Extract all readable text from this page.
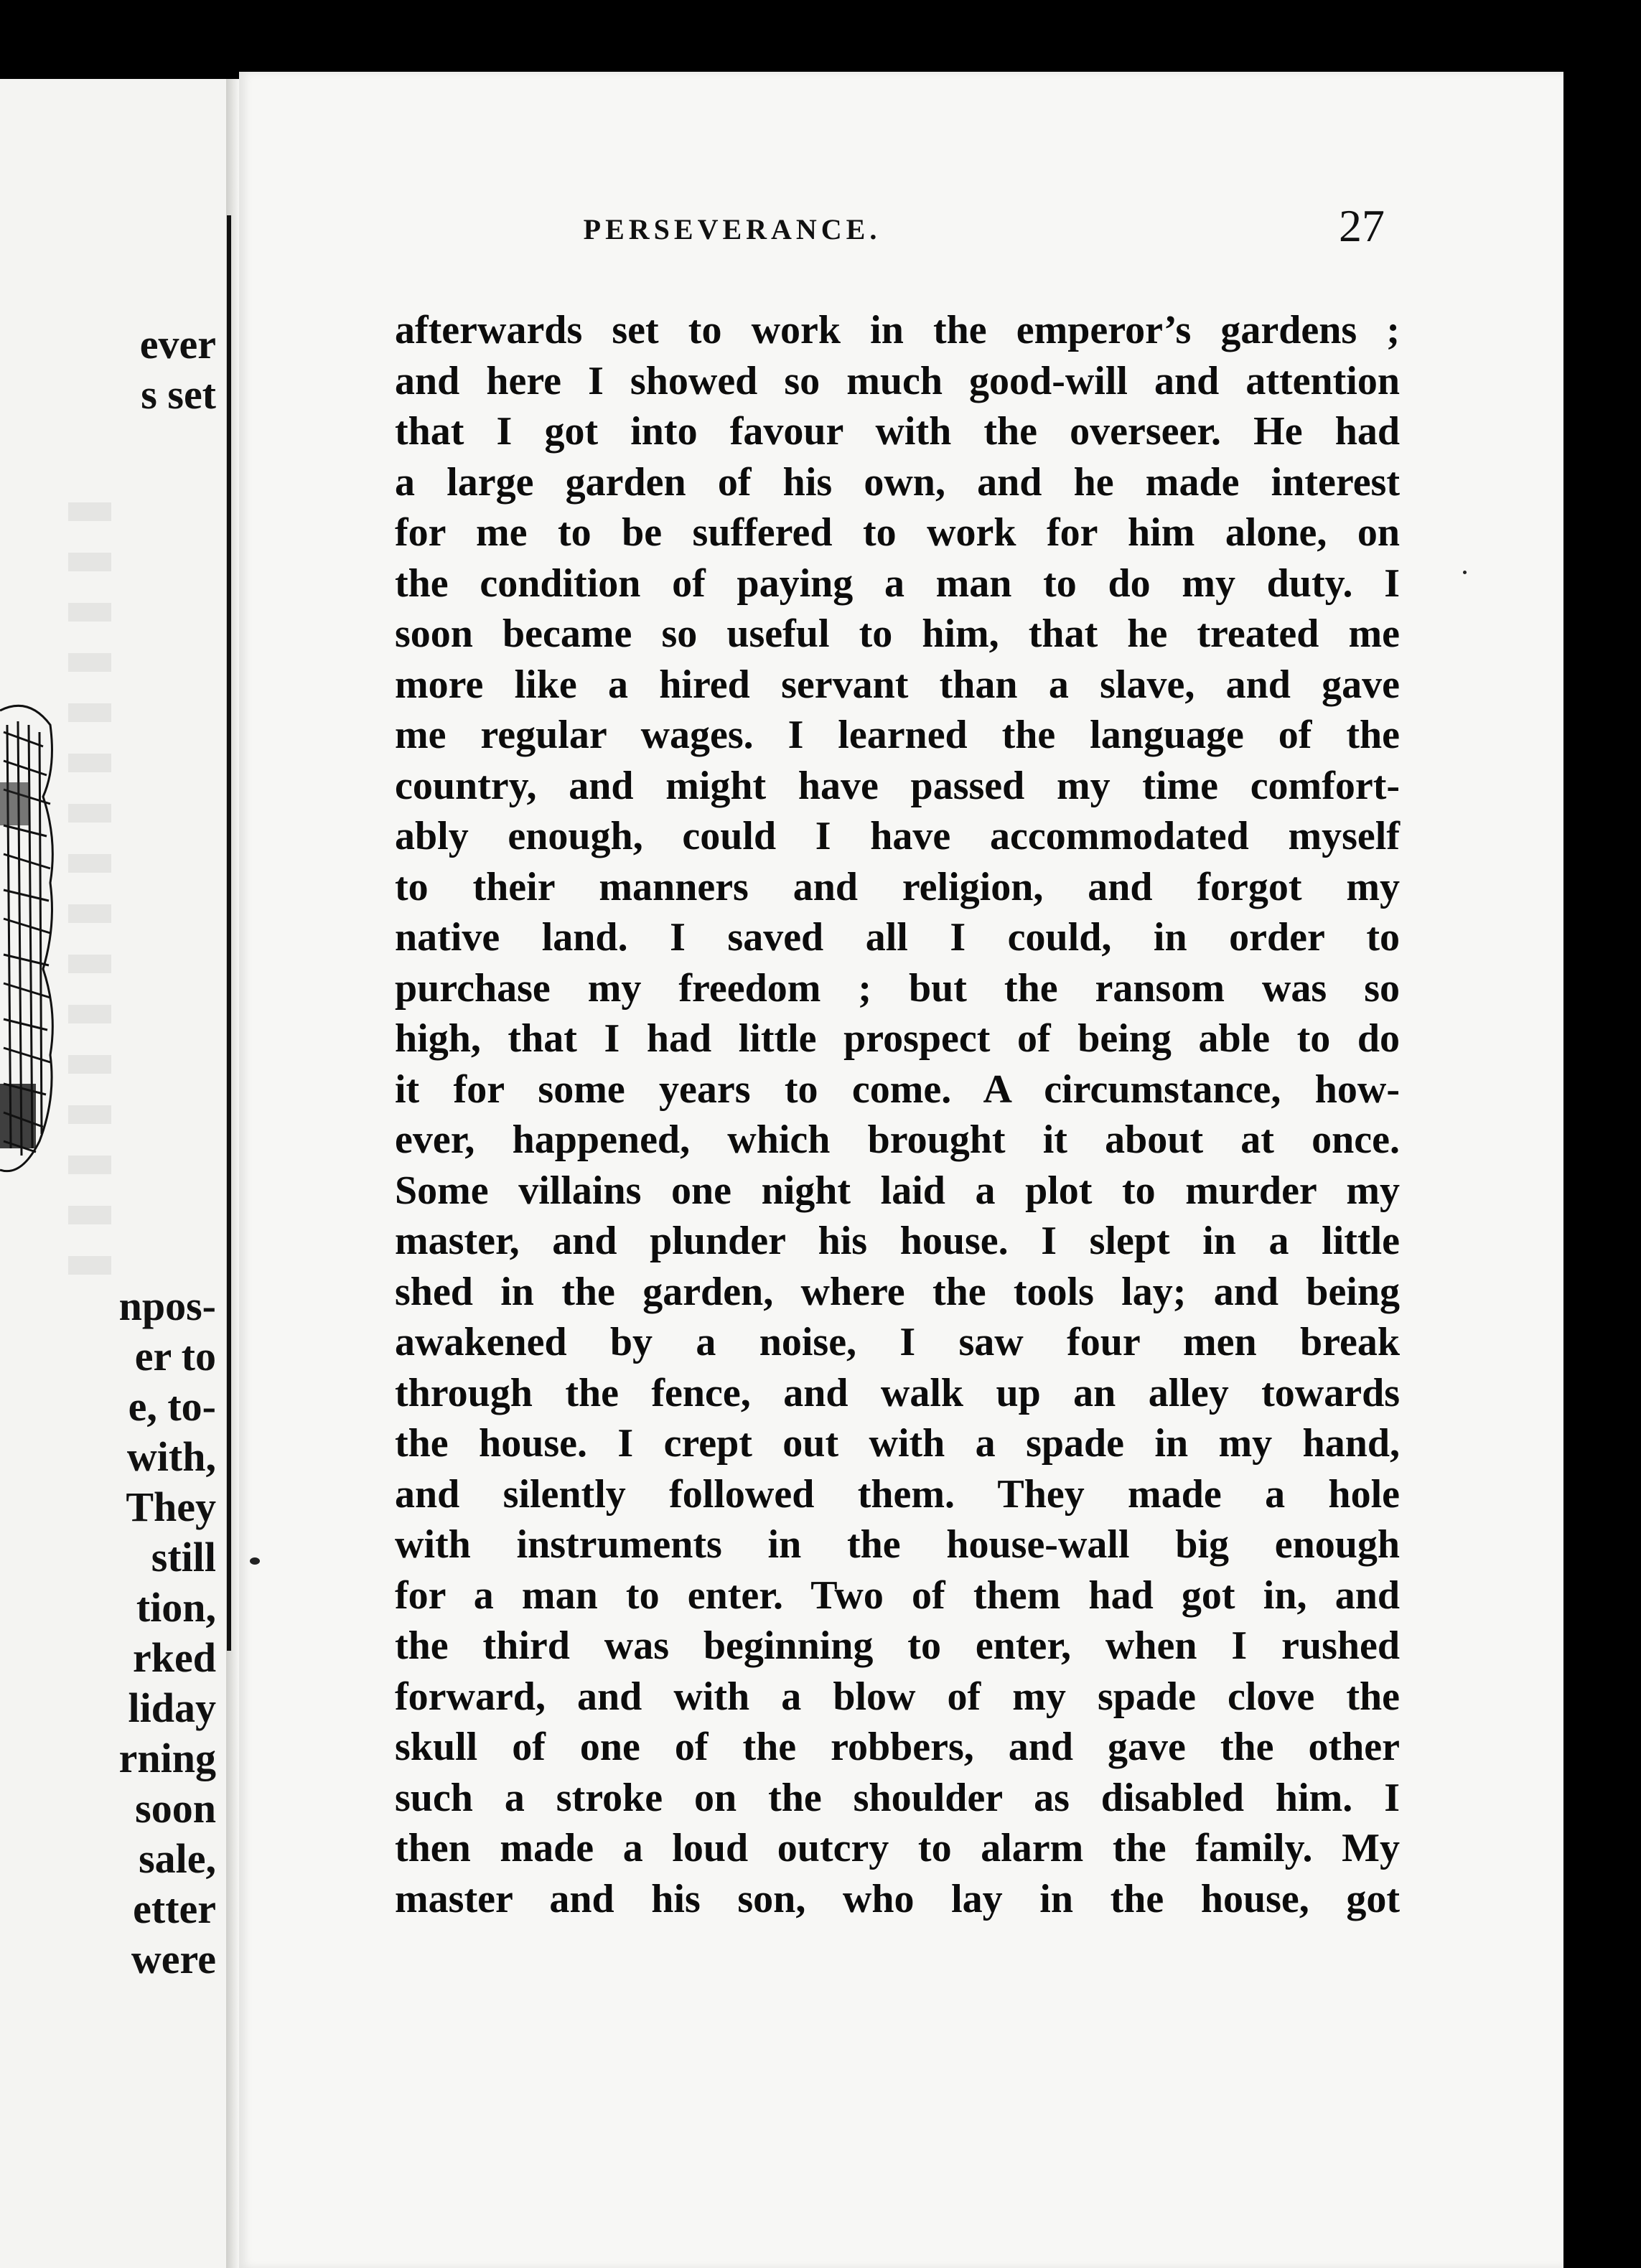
ever
s set
npos-
er to
e, to-
with,
They
still
tion,
rked
liday
rning
soon
sale,
etter
were
PERSEVERANCE.	27
afterwards set to work in the emperor’s gardens ;
and here I showed so much good-will and attention
that I got into favour with the overseer. He had
a large garden of his own, and he made interest
for me to be suffered to work for him alone, on
the condition of paying a man to do my duty. I
soon became so useful to him, that he treated me
more like a hired servant than a slave, and gave
me regular wages. I learned the language of the
country, and might have passed my time comfort-
ably enough, could I have accommodated myself
to their manners and religion, and forgot my
native land. I saved all I could, in order to
purchase my freedom ; but the ransom was so
high, that I had little prospect of being able to do
it for some years to come. A circumstance, how-
ever, happened, which brought it about at once.
Some villains one night laid a plot to murder my
master, and plunder his house. I slept in a little
shed in the garden, where the tools lay; and being
awakened by a noise, I saw four men break
through the fence, and walk up an alley towards
the house. I crept out with a spade in my hand,
and silently followed them. They made a hole
with instruments in the house-wall big enough
for a man to enter. Two of them had got in, and
the third was beginning to enter, when I rushed
forward, and with a blow of my spade clove the
skull of one of the robbers, and gave the other
such a stroke on the shoulder as disabled him. I
then made a loud outcry to alarm the family. My
master and his son, who lay in the house, got
